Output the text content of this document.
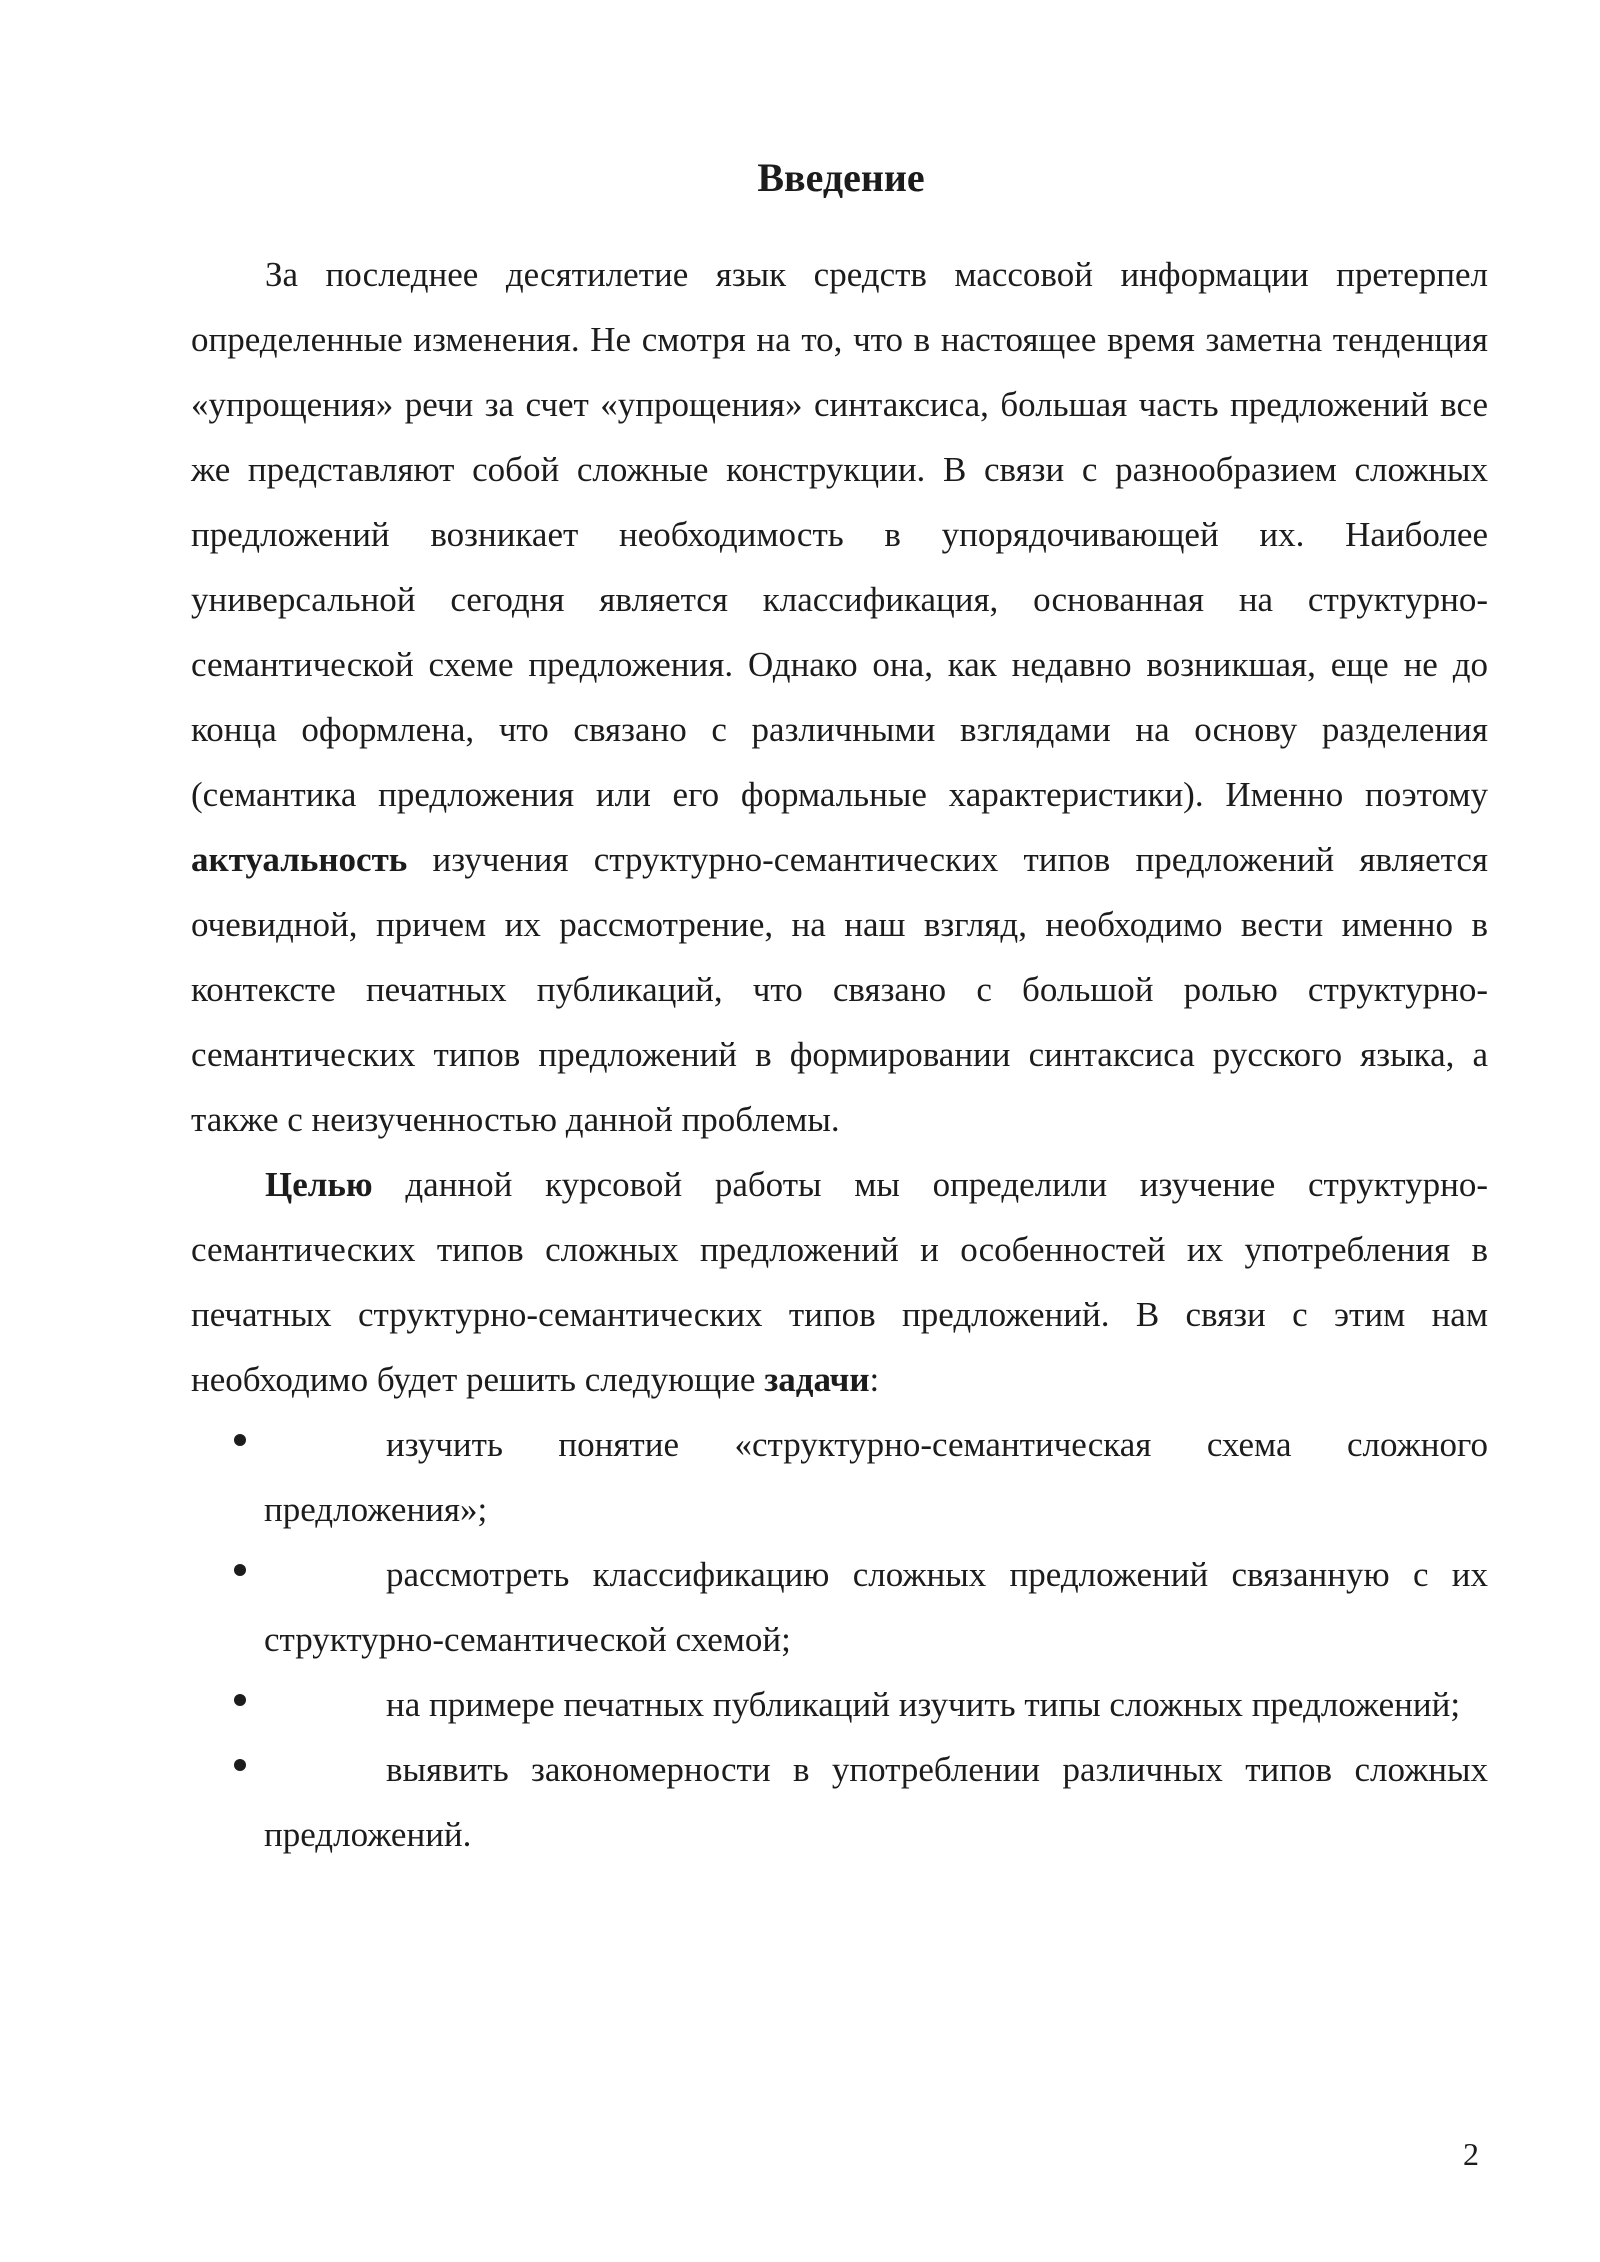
Введение

За последнее десятилетие язык средств массовой информации претерпел определенные изменения. Не смотря на то, что в настоящее время заметна тенденция «упрощения» речи за счет «упрощения» синтаксиса, большая часть предложений все же представляют собой сложные конструкции. В связи с разнообразием сложных предложений возникает необходимость в упорядочивающей их. Наиболее универсальной сегодня является классификация, основанная на структурно-семантической схеме предложения. Однако она, как недавно возникшая, еще не до конца оформлена, что связано с различными взглядами на основу разделения (семантика предложения или его формальные характеристики). Именно поэтому актуальность изучения структурно-семантических типов предложений является очевидной, причем их рассмотрение, на наш взгляд, необходимо вести именно в контексте печатных публикаций, что связано с большой ролью структурно-семантических типов предложений в формировании синтаксиса русского языка, а также с неизученностью данной проблемы.

Целью данной курсовой работы мы определили изучение структурно-семантических типов сложных предложений и особенностей их употребления в печатных структурно-семантических типов предложений. В связи с этим нам необходимо будет решить следующие задачи:

изучить понятие «структурно-семантическая схема сложного предложения»;
рассмотреть классификацию сложных предложений связанную с их структурно-семантической схемой;
на примере печатных публикаций изучить типы сложных предложений;
выявить закономерности в употреблении различных типов сложных предложений.
2
